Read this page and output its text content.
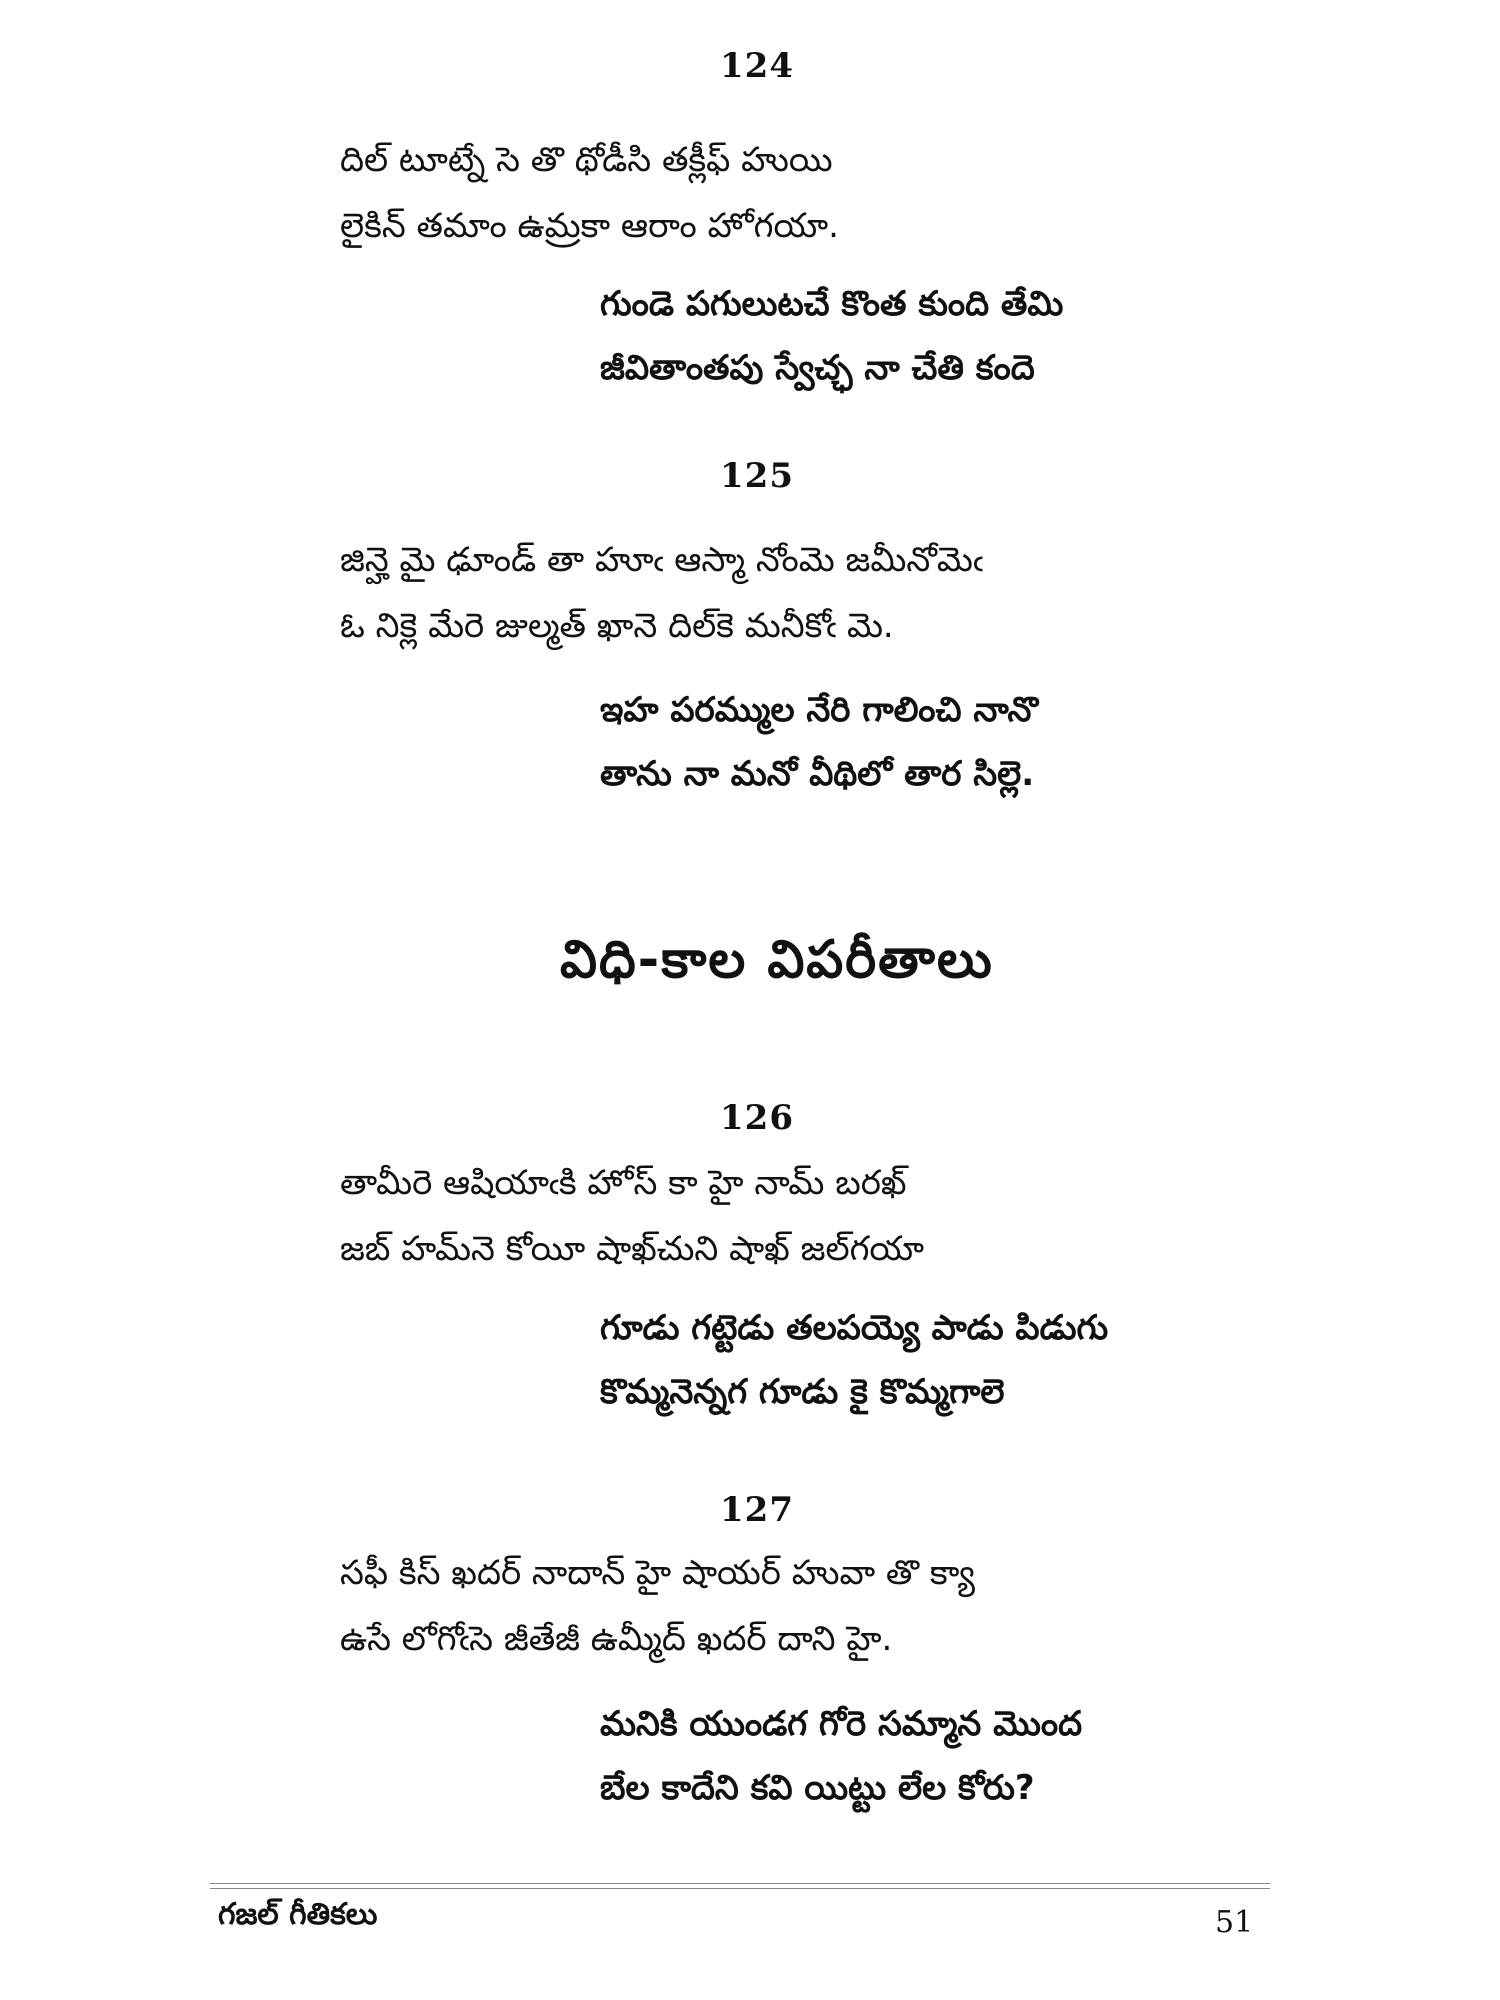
124
దిల్ టూట్నే సె తొ థోడీసి తక్లీఫ్ హుయి
లైకిన్ తమాం ఉమ్రకా ఆరాం హోగయా.
గుండె పగులుటచే కొంత కుంది తేమి
జీవితాంతపు స్వేచ్ఛ నా చేతి కందె
125
జిన్హె మై ఢూండ్ తా హూఁ ఆస్మా నోంమె జమీనోమెఁ
ఓ నిక్లె మేరె జుల్మత్ ఖానె దిల్‌కె మనీకోఁ మె.
ఇహ పరమ్ముల నేరి గాలించి నానొ
తాను నా మనో వీథిలో తార సిల్లె.
విధి-కాల విపరీతాలు
126
తామీరె ఆషియాఁకి హోస్ కా హై నామ్ బరఖ్
జబ్ హమ్‌నె కోయీ షాఖ్‌చుని షాఖ్ జల్‌గయా
గూడు గట్టెడు తలపయ్యె పాడు పిడుగు
కొమ్మనెన్నగ గూడు కై కొమ్మగాలె
127
సఫీ కిస్ ఖదర్ నాదాన్ హై షాయర్ హువా తొ క్యా
ఉసే లోగోఁసె జీతేజీ ఉమ్మీద్ ఖదర్ దాని హై.
మనికి యుండగ గోరె సమ్మాన మొంద
బేల కాదేని కవి యిట్టు లేల కోరు?
గజల్ గీతికలు	51
